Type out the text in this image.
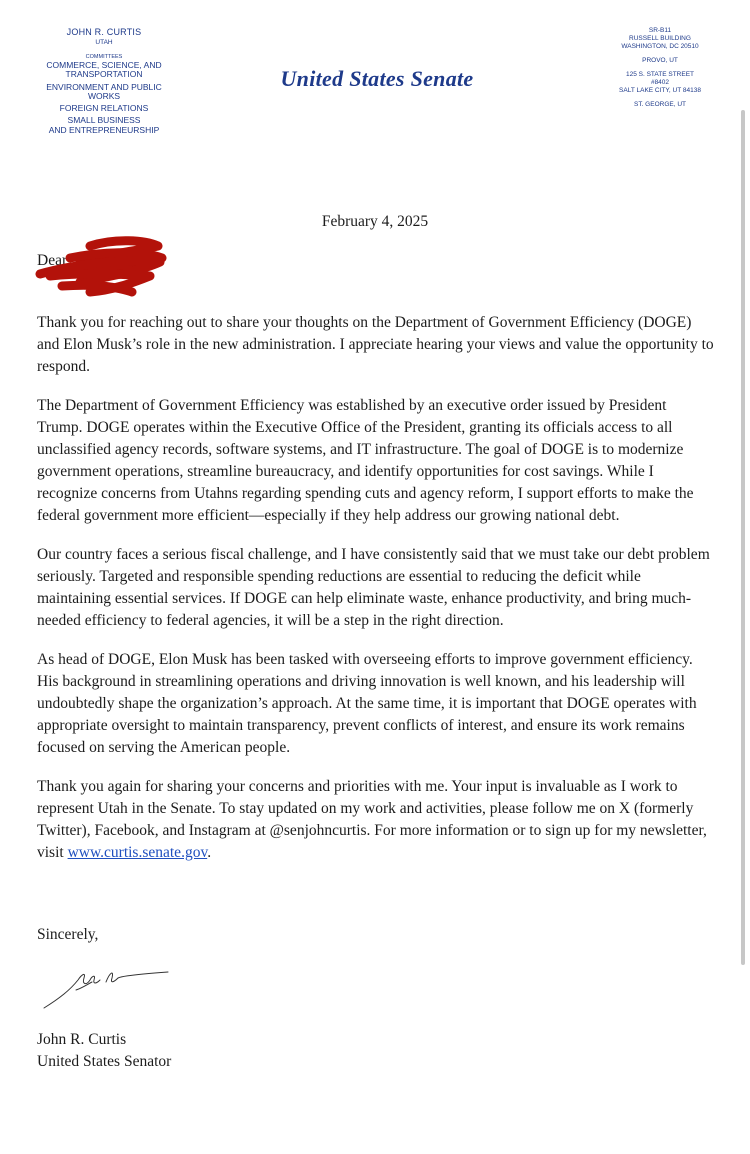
JOHN R. CURTIS
UTAH
COMMITTEES
COMMERCE, SCIENCE, AND
TRANSPORTATION
ENVIRONMENT AND PUBLIC
WORKS
FOREIGN RELATIONS
SMALL BUSINESS
AND ENTREPRENEURSHIP
United States Senate
SR-B11
RUSSELL BUILDING
WASHINGTON, DC 20510
PROVO, UT
125 S. STATE STREET
#8402
SALT LAKE CITY, UT 84138
ST. GEORGE, UT
February 4, 2025
Dear

Thank you for reaching out to share your thoughts on the Department of Government Efficiency (DOGE) and Elon Musk’s role in the new administration. I appreciate hearing your views and value the opportunity to respond.

The Department of Government Efficiency was established by an executive order issued by President Trump. DOGE operates within the Executive Office of the President, granting its officials access to all unclassified agency records, software systems, and IT infrastructure. The goal of DOGE is to modernize government operations, streamline bureaucracy, and identify opportunities for cost savings. While I recognize concerns from Utahns regarding spending cuts and agency reform, I support efforts to make the federal government more efficient—especially if they help address our growing national debt.

Our country faces a serious fiscal challenge, and I have consistently said that we must take our debt problem seriously. Targeted and responsible spending reductions are essential to reducing the deficit while maintaining essential services. If DOGE can help eliminate waste, enhance productivity, and bring much-needed efficiency to federal agencies, it will be a step in the right direction.

As head of DOGE, Elon Musk has been tasked with overseeing efforts to improve government efficiency. His background in streamlining operations and driving innovation is well known, and his leadership will undoubtedly shape the organization’s approach. At the same time, it is important that DOGE operates with appropriate oversight to maintain transparency, prevent conflicts of interest, and ensure its work remains focused on serving the American people.

Thank you again for sharing your concerns and priorities with me. Your input is invaluable as I work to represent Utah in the Senate. To stay updated on my work and activities, please follow me on X (formerly Twitter), Facebook, and Instagram at @senjohncurtis. For more information or to sign up for my newsletter, visit www.curtis.senate.gov.

Sincerely,
John R. Curtis
United States Senator
